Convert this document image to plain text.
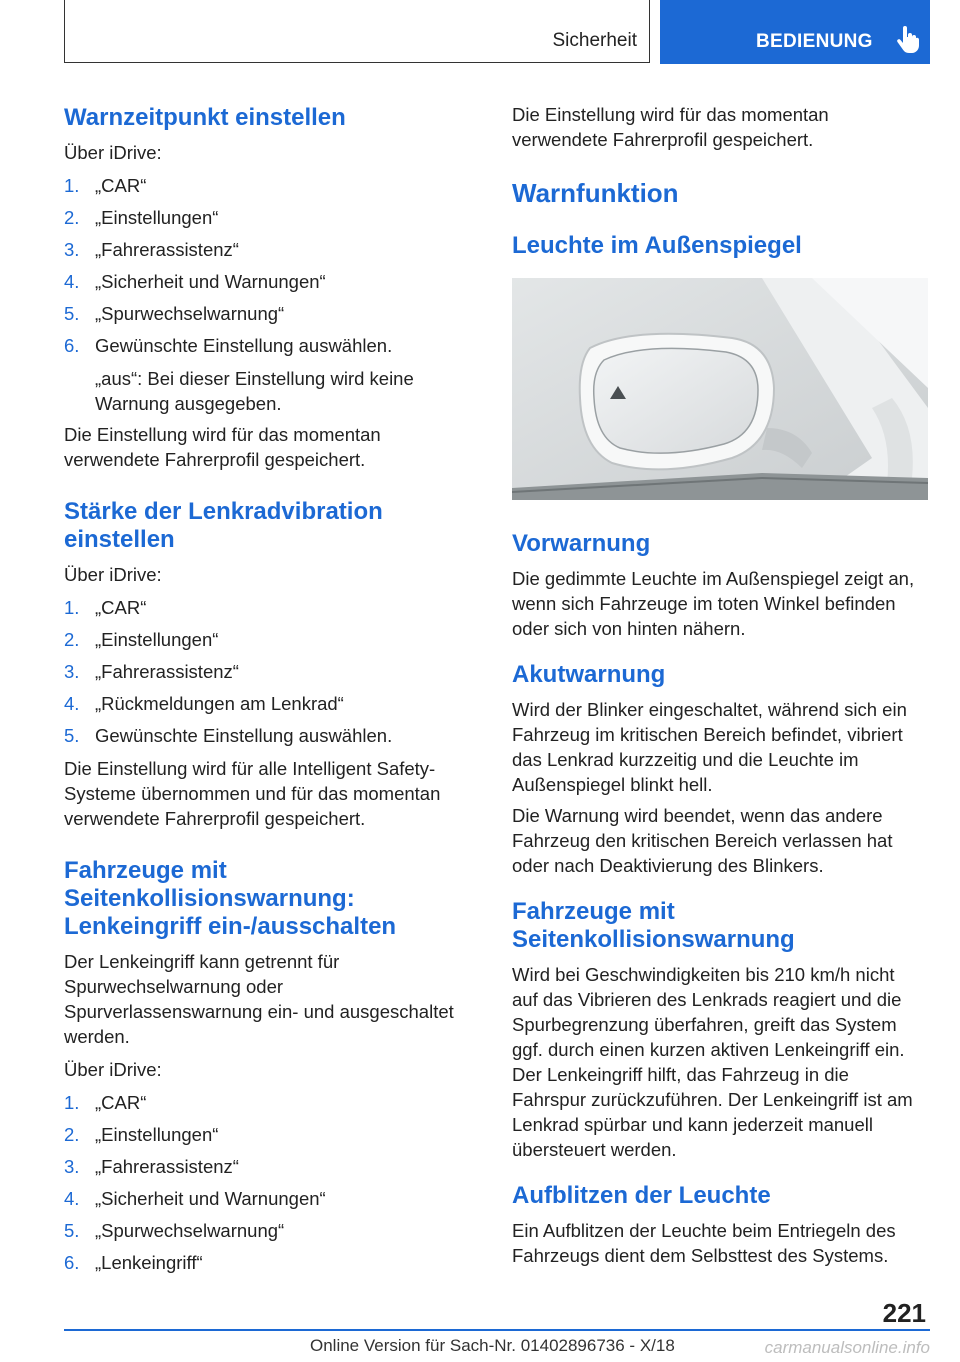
Sicherheit	BEDIENUNG
Warnzeitpunkt einstellen

Über iDrive:

1. „CAR“
2. „Einstellungen“
3. „Fahrerassistenz“
4. „Sicherheit und Warnungen“
5. „Spurwechselwarnung“
6. Gewünschte Einstellung auswählen.
„aus“: Bei dieser Einstellung wird keine Warnung ausgegeben.

Die Einstellung wird für das momentan verwendete Fahrerprofil gespeichert.

Stärke der Lenkradvibration einstellen

Über iDrive:

1. „CAR“
2. „Einstellungen“
3. „Fahrerassistenz“
4. „Rückmeldungen am Lenkrad“
5. Gewünschte Einstellung auswählen.

Die Einstellung wird für alle Intelligent Safety-Systeme übernommen und für das momentan verwendete Fahrerprofil gespeichert.

Fahrzeuge mit Seitenkollisionswarnung: Lenkeingriff ein-/ausschalten

Der Lenkeingriff kann getrennt für Spurwechselwarnung oder Spurverlassenswarnung ein- und ausgeschaltet werden.

Über iDrive:

1. „CAR“
2. „Einstellungen“
3. „Fahrerassistenz“
4. „Sicherheit und Warnungen“
5. „Spurwechselwarnung“
6. „Lenkeingriff“

Die Einstellung wird für das momentan verwendete Fahrerprofil gespeichert.

Warnfunktion
Leuchte im Außenspiegel
Vorwarnung

Die gedimmte Leuchte im Außenspiegel zeigt an, wenn sich Fahrzeuge im toten Winkel befinden oder sich von hinten nähern.

Akutwarnung

Wird der Blinker eingeschaltet, während sich ein Fahrzeug im kritischen Bereich befindet, vibriert das Lenkrad kurzzeitig und die Leuchte im Außenspiegel blinkt hell.

Die Warnung wird beendet, wenn das andere Fahrzeug den kritischen Bereich verlassen hat oder nach Deaktivierung des Blinkers.

Fahrzeuge mit Seitenkollisionswarnung

Wird bei Geschwindigkeiten bis 210 km/h nicht auf das Vibrieren des Lenkrads reagiert und die Spurbegrenzung überfahren, greift das System ggf. durch einen kurzen aktiven Lenkeingriff ein. Der Lenkeingriff hilft, das Fahrzeug in die Fahrspur zurückzuführen. Der Lenkeingriff ist am Lenkrad spürbar und kann jederzeit manuell übersteuert werden.

Aufblitzen der Leuchte

Ein Aufblitzen der Leuchte beim Entriegeln des Fahrzeugs dient dem Selbsttest des Systems.

221
Online Version für Sach-Nr. 01402896736 - X/18	carmanualsonline.info
